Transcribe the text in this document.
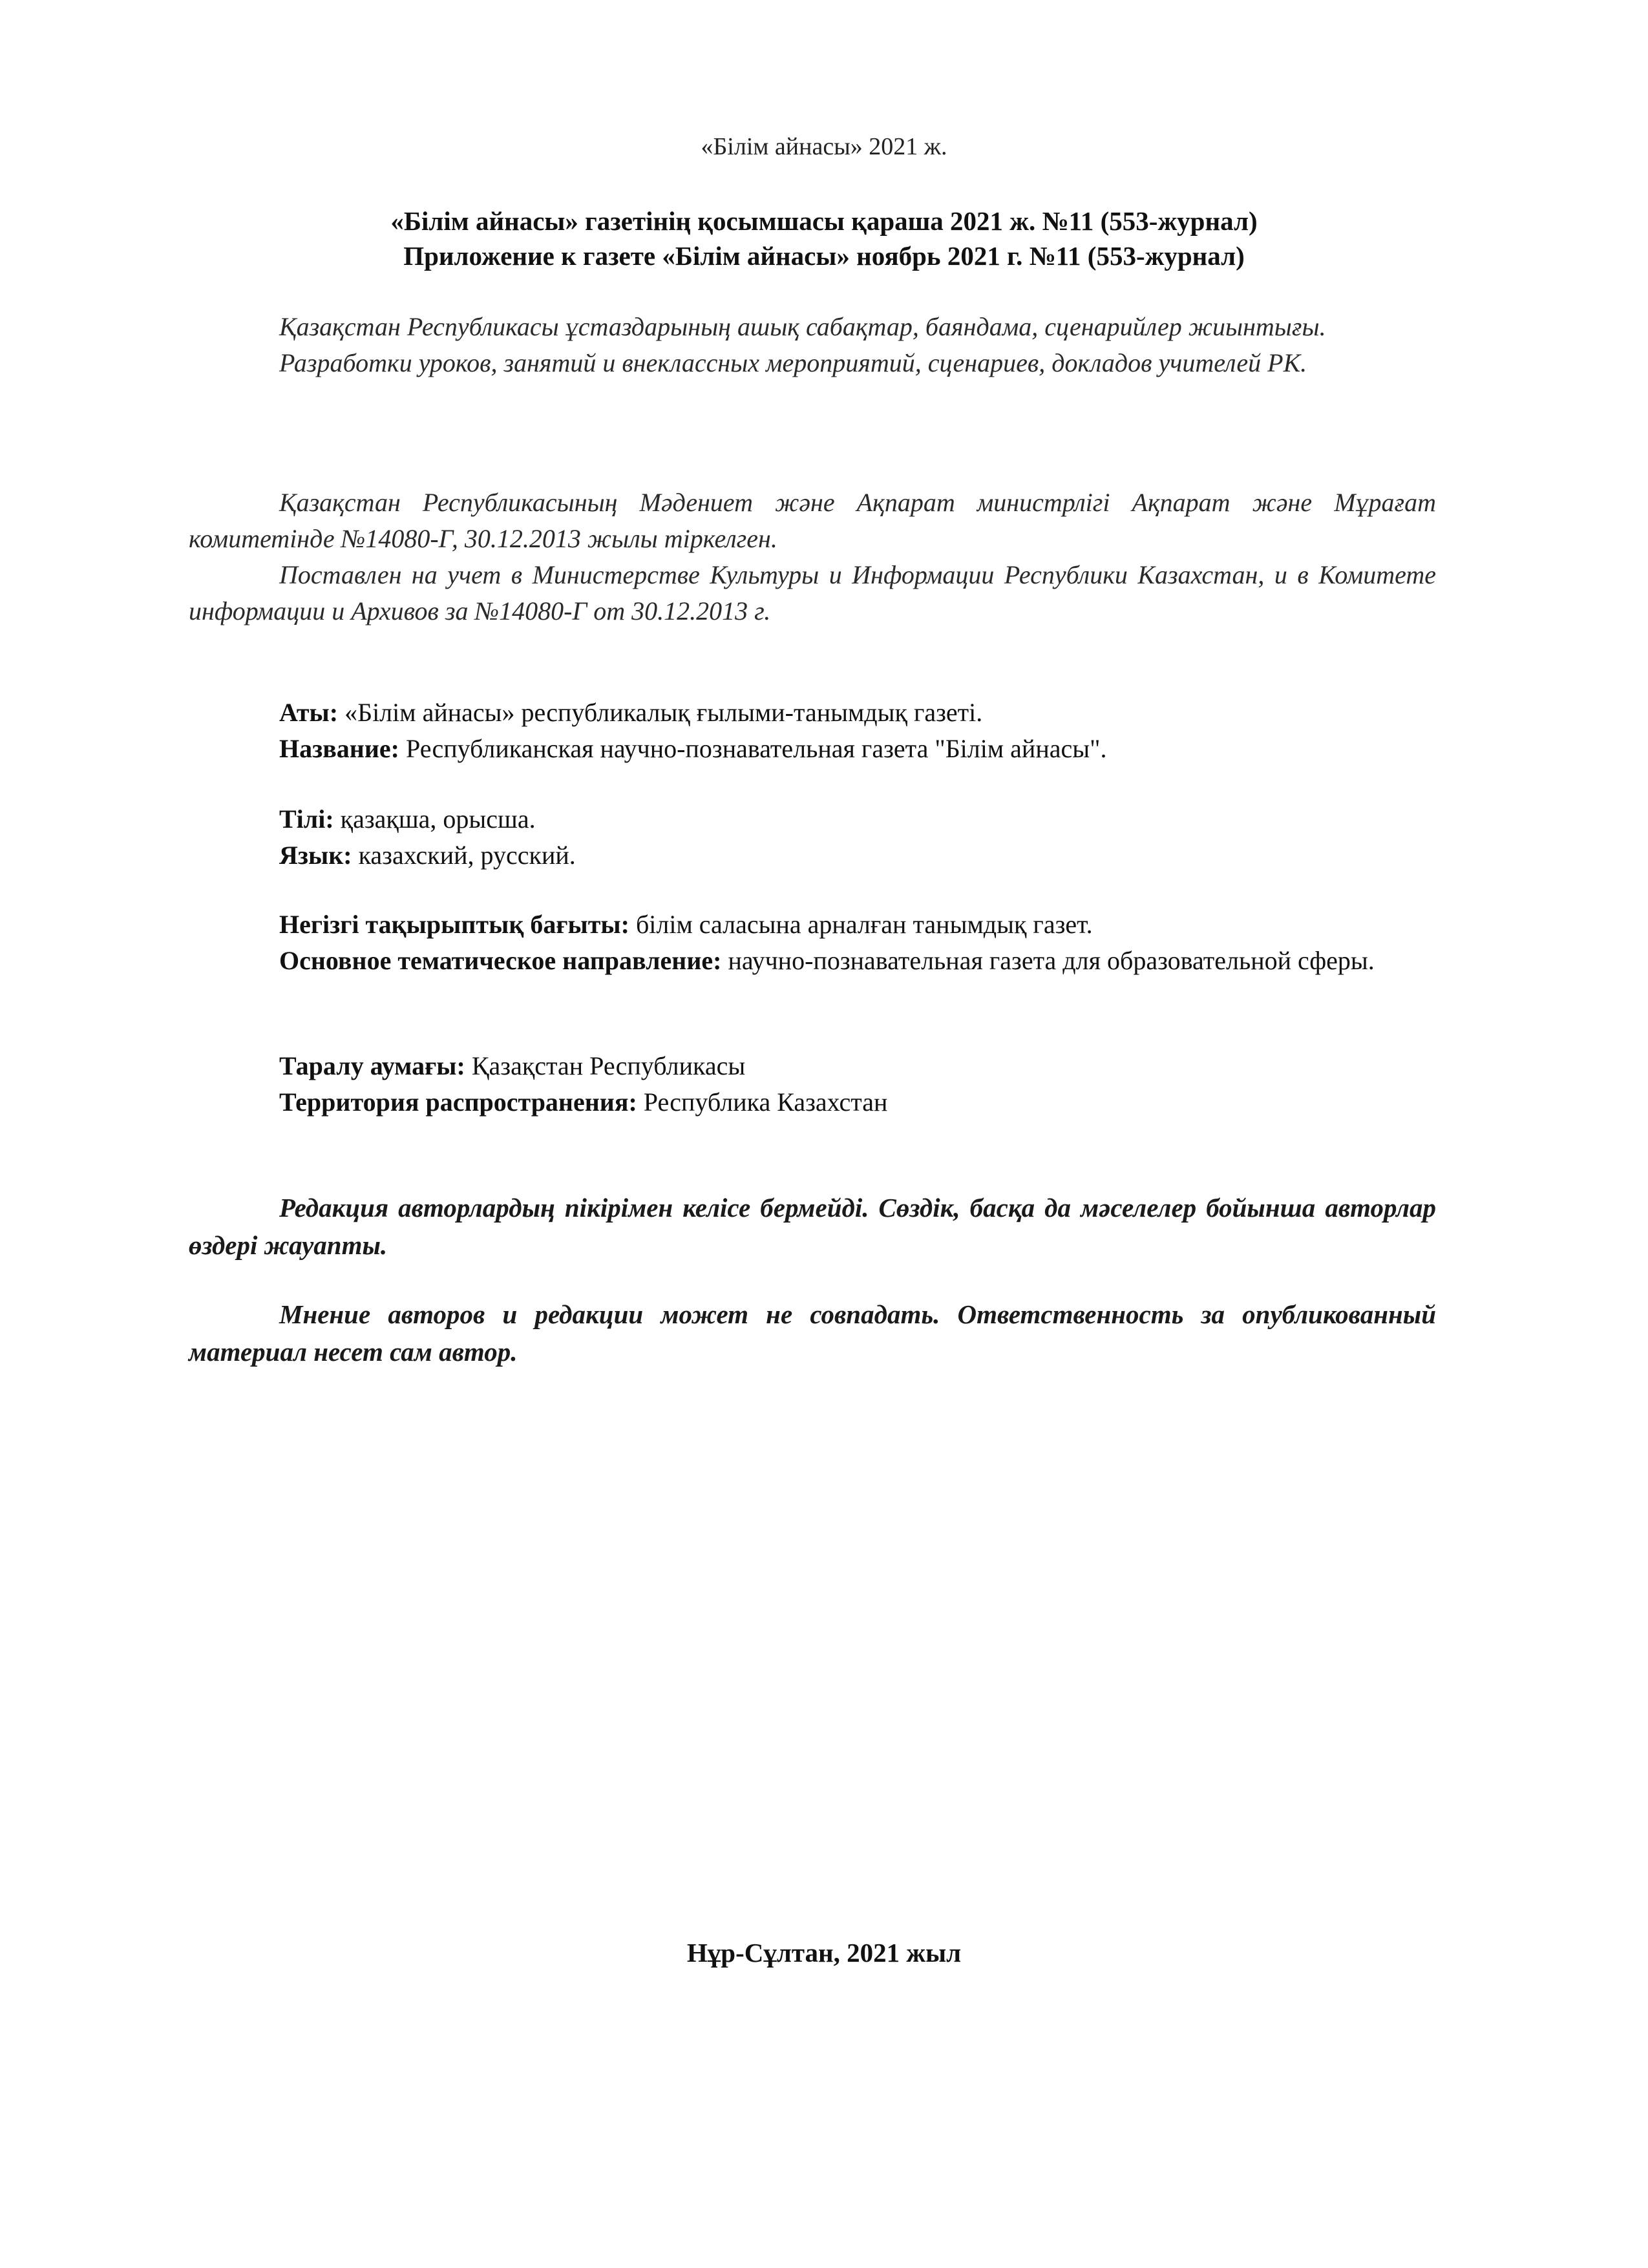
«Білім айнасы» 2021 ж.
«Білім айнасы» газетінің қосымшасы қараша 2021 ж. №11 (553-журнал)
Приложение к газете «Білім айнасы» ноябрь 2021 г. №11 (553-журнал)

Қазақстан Республикасы ұстаздарының ашық сабақтар, баяндама, сценарийлер жиынтығы.

Разработки уроков, занятий и внеклассных мероприятий, сценариев, докладов учителей РК.

Қазақстан Республикасының Мәдениет және Ақпарат министрлігі Ақпарат және Мұрағат комитетінде №14080-Г, 30.12.2013 жылы тіркелген.

Поставлен на учет в Министерстве Культуры и Информации Республики Казахстан, и в Комитете информации и Архивов за №14080-Г от 30.12.2013 г.

Аты: «Білім айнасы» республикалық ғылыми-танымдық газеті.
Название: Республиканская научно-познавательная газета "Білім айнасы".
Тілі: қазақша, орысша.
Язык: казахский, русский.
Негізгі тақырыптық бағыты: білім саласына арналған танымдық газет.
Основное тематическое направление: научно-познавательная газета для образовательной сферы.
Таралу аумағы: Қазақстан Республикасы
Территория распространения: Республика Казахстан
Редакция авторлардың пікірімен келісе бермейді. Сөздік, басқа да мәселелер бойынша авторлар өздері жауапты.
Мнение авторов и редакции может не совпадать. Ответственность за опубликованный материал несет сам автор.
Нұр-Сұлтан, 2021 жыл
